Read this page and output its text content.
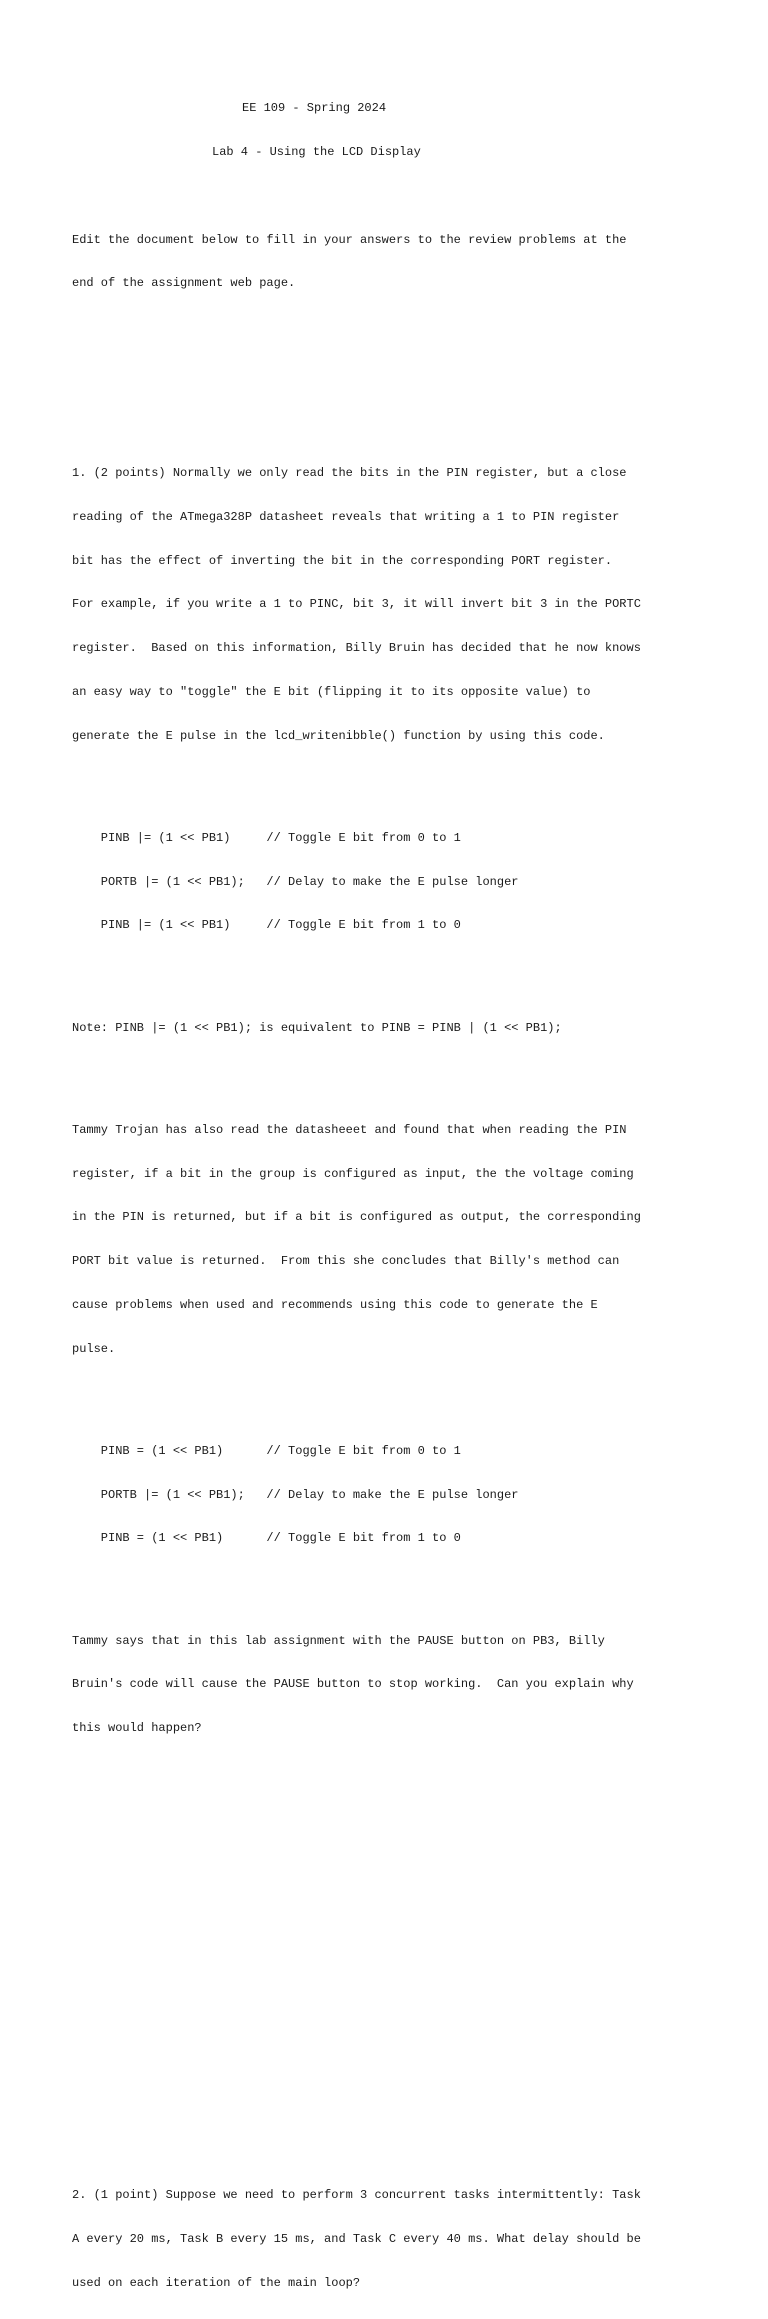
EE 109 - Spring 2024

Lab 4 - Using the LCD Display

Edit the document below to fill in your answers to the review problems at the

end of the assignment web page.

1. (2 points) Normally we only read the bits in the PIN register, but a close

reading of the ATmega328P datasheet reveals that writing a 1 to PIN register

bit has the effect of inverting the bit in the corresponding PORT register.

For example, if you write a 1 to PINC, bit 3, it will invert bit 3 in the PORTC

register.  Based on this information, Billy Bruin has decided that he now knows

an easy way to "toggle" the E bit (flipping it to its opposite value) to

generate the E pulse in the lcd_writenibble() function by using this code.

PINB |= (1 << PB1)     // Toggle E bit from 0 to 1

PORTB |= (1 << PB1);   // Delay to make the E pulse longer

PINB |= (1 << PB1)     // Toggle E bit from 1 to 0

Note: PINB |= (1 << PB1); is equivalent to PINB = PINB | (1 << PB1);

Tammy Trojan has also read the datasheeet and found that when reading the PIN

register, if a bit in the group is configured as input, the the voltage coming

in the PIN is returned, but if a bit is configured as output, the corresponding

PORT bit value is returned.  From this she concludes that Billy's method can

cause problems when used and recommends using this code to generate the E

pulse.

PINB = (1 << PB1)      // Toggle E bit from 0 to 1

PORTB |= (1 << PB1);   // Delay to make the E pulse longer

PINB = (1 << PB1)      // Toggle E bit from 1 to 0

Tammy says that in this lab assignment with the PAUSE button on PB3, Billy

Bruin's code will cause the PAUSE button to stop working.  Can you explain why

this would happen?

2. (1 point) Suppose we need to perform 3 concurrent tasks intermittently: Task

A every 20 ms, Task B every 15 ms, and Task C every 40 ms. What delay should be

used on each iteration of the main loop?
